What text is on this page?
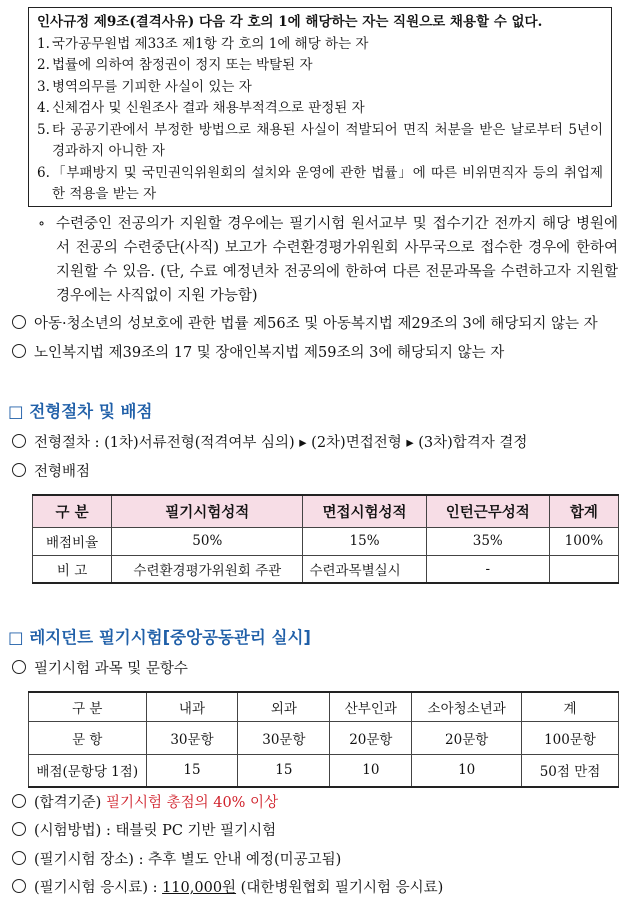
인사규정 제9조(결격사유) 다음 각 호의 1에 해당하는 자는 직원으로 채용할 수 없다.
1. 국가공무원법 제33조 제1항 각 호의 1에 해당 하는 자
2. 법률에 의하여 참정권이 정지 또는 박탈된 자
3. 병역의무를 기피한 사실이 있는 자
4. 신체검사 및 신원조사 결과 채용부적격으로 판정된 자
5. 타 공공기관에서 부정한 방법으로 채용된 사실이 적발되어 면직 처분을 받은 날로부터 5년이 경과하지 아니한 자
6. 「부패방지 및 국민권익위원회의 설치와 운영에 관한 법률」에 따른 비위면직자 등의 취업제한 적용을 받는 자
∘ 수련중인 전공의가 지원할 경우에는 필기시험 원서교부 및 접수기간 전까지 해당 병원에서 전공의 수련중단(사직) 보고가 수련환경평가위원회 사무국으로 접수한 경우에 한하여 지원할 수 있음. (단, 수료 예정년차 전공의에 한하여 다른 전문과목을 수련하고자 지원할 경우에는 사직없이 지원 가능함)
아동·청소년의 성보호에 관한 법률 제56조 및 아동복지법 제29조의 3에 해당되지 않는 자
노인복지법 제39조의 17 및 장애인복지법 제59조의 3에 해당되지 않는 자
□ 전형절차 및 배점
전형절차 : (1차)서류전형(적격여부 심의) ▸ (2차)면접전형 ▸ (3차)합격자 결정
전형배점
구 분	필기시험성적	면접시험성적	인턴근무성적	합계
배점비율	50%	15%	35%	100%
비 고	수련환경평가위원회 주관	수련과목별실시	-	
□ 레지던트 필기시험[중앙공동관리 실시]
필기시험 과목 및 문항수
구 분	내과	외과	산부인과	소아청소년과	계
문 항	30문항	30문항	20문항	20문항	100문항
배점(문항당 1점)	15	15	10	10	50점 만점
(합격기준) 필기시험 총점의 40% 이상
(시험방법) : 태블릿 PC 기반 필기시험
(필기시험 장소) : 추후 별도 안내 예정(미공고됨)
(필기시험 응시료) : 110,000원 (대한병원협회 필기시험 응시료)
